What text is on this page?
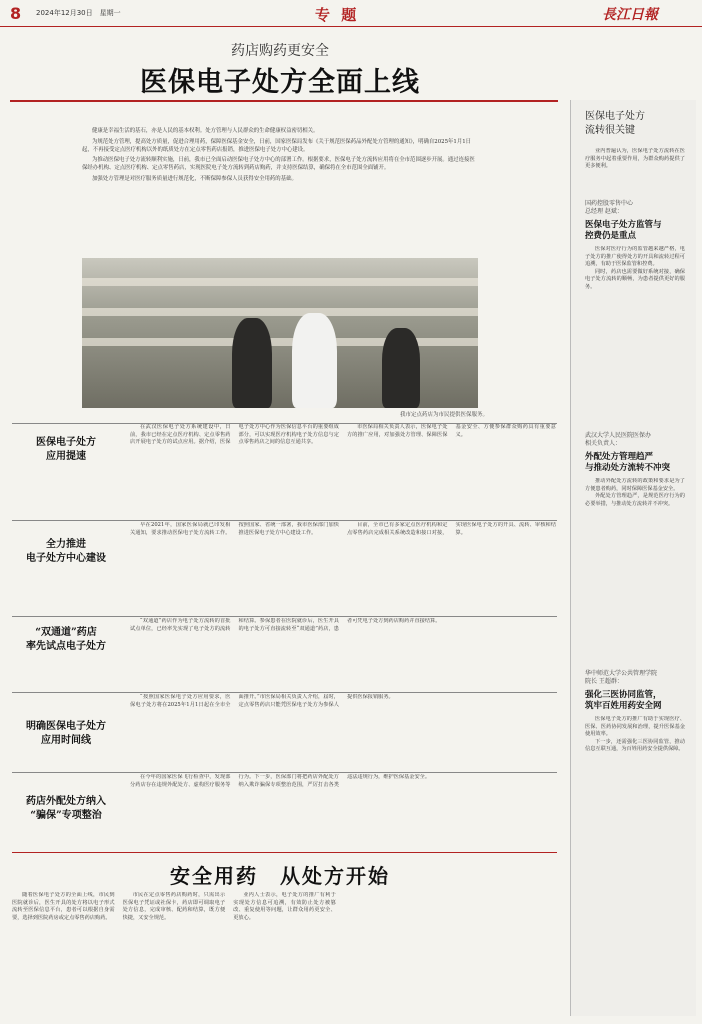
8 2024年12月30日　星期一	专 题	長江日報
药店购药更安全
医保电子处方全面上线

健康是幸福生活的基石，亦是人民的基本权利。处方管理与人民群众的生命健康权益密切相关。

为规范处方管理，提高处方质量，促进合理用药，保障医保基金安全，日前，国家医保局发布《关于规范医保药品外配处方管理的通知》，明确自2025年1月1日起，不再接受定点医疗机构以外的纸质处方在定点零售药店报销，推进医保电子处方中心建设。

为推动医保电子处方流转顺利实施，日前，我市已全面启动医保电子处方中心的部署工作。根据要求，医保电子处方流转应用将在全市范围逐步开展。通过连接医保经办机构、定点医疗机构、定点零售药店，实现医院电子处方流转到药店购药，并支持医保结算，确保将在全市范围全面铺开。

加强处方管理是对医疗服务质量进行规范化，不断保障参保人员获得安全用药的基础。

我市定点药店为市民提供医保服务。
医保电子处方
应用提速

在武汉医保电子处方系统建设中，日前，我市已经在定点医疗机构、定点零售药店开展电子处方的试点应用。据介绍，医保电子处方中心作为医保信息平台的重要组成部分，可以实现医疗机构电子处方信息与定点零售药店之间的信息互通共享。

市医保局相关负责人表示，医保电子处方的推广应用，对加强处方管理、保障医保基金安全、方便参保群众购药具有重要意义。

全力推进
电子处方中心建设

早在2021年，国家医保局就已印发相关通知，要求推动医保电子处方流转工作。按照国家、省统一部署，我市医保部门加快推进医保电子处方中心建设工作。

目前，全市已有多家定点医疗机构和定点零售药店完成相关系统改造和接口对接，实现医保电子处方的开具、流转、审核和结算。

“双通道”药店
率先试点电子处方

“双通道”药店作为电子处方流转的首批试点单位，已经率先实现了电子处方的流转和结算。参保患者在医院就诊后，医生开具的电子处方可直接流转至“双通道”药店，患者可凭电子处方到药店购药并直接结算。

明确医保电子处方
应用时间线

“按照国家医保电子处方应用要求，医保电子处方将在2025年1月1日起在全市全面推开。”市医保局相关负责人介绍，届时，定点零售药店只能凭医保电子处方为参保人提供医保报销服务。

药店外配处方纳入
“骗保”专项整治

在今年的国家医保飞行检查中，发现部分药店存在违规外配处方、虚构医疗服务等行为。下一步，医保部门将把药店外配处方纳入欺诈骗保专项整治范围，严厉打击各类违法违规行为，维护医保基金安全。

安全用药　从处方开始

随着医保电子处方的全面上线，市民到医院就诊后，医生开具的处方将以电子形式流转至医保信息平台，患者可以根据自身需要，选择到医院药房或定点零售药店购药。

市民在定点零售药店购药时，只需出示医保电子凭证或社保卡，药店即可调取电子处方信息，完成审核、配药和结算，既方便快捷，又安全规范。

业内人士表示，电子处方的推广有利于实现处方信息可追溯，有效防止处方被篡改、重复使用等问题，让群众用药更安全、更放心。

医保电子处方
流转很关键

业内普遍认为，医保电子处方流转在医疗服务中起着重要作用，为群众购药提供了更多便利。

国药控股零售中心
总经理 赵斌：
医保电子处方监管与
控费仍是重点

医保对医疗行为的监管越来越严格，电子处方的推广使得处方的开具和流转过程可追溯，有助于医保监管和控费。

同时，药店也需要做好系统对接，确保电子处方流转的顺畅，为患者提供更好的服务。

武汉大学人民医院医保办
相关负责人：
外配处方管理趋严
与推动处方流转不冲突

推动外配处方流转的政策和要求是为了方便患者购药，同时保障医保基金安全。

外配处方管理趋严，是规范医疗行为的必要举措，与推动处方流转并不冲突。

华中师范大学公共管理学院
院长 王超群：
强化三医协同监管，
筑牢百姓用药安全网

医保电子处方的推广有助于实现医疗、医保、医药协同发展和治理，提升医保基金使用效率。

下一步，还需强化三医协同监管，推动信息互联互通，为百姓用药安全提供保障。
